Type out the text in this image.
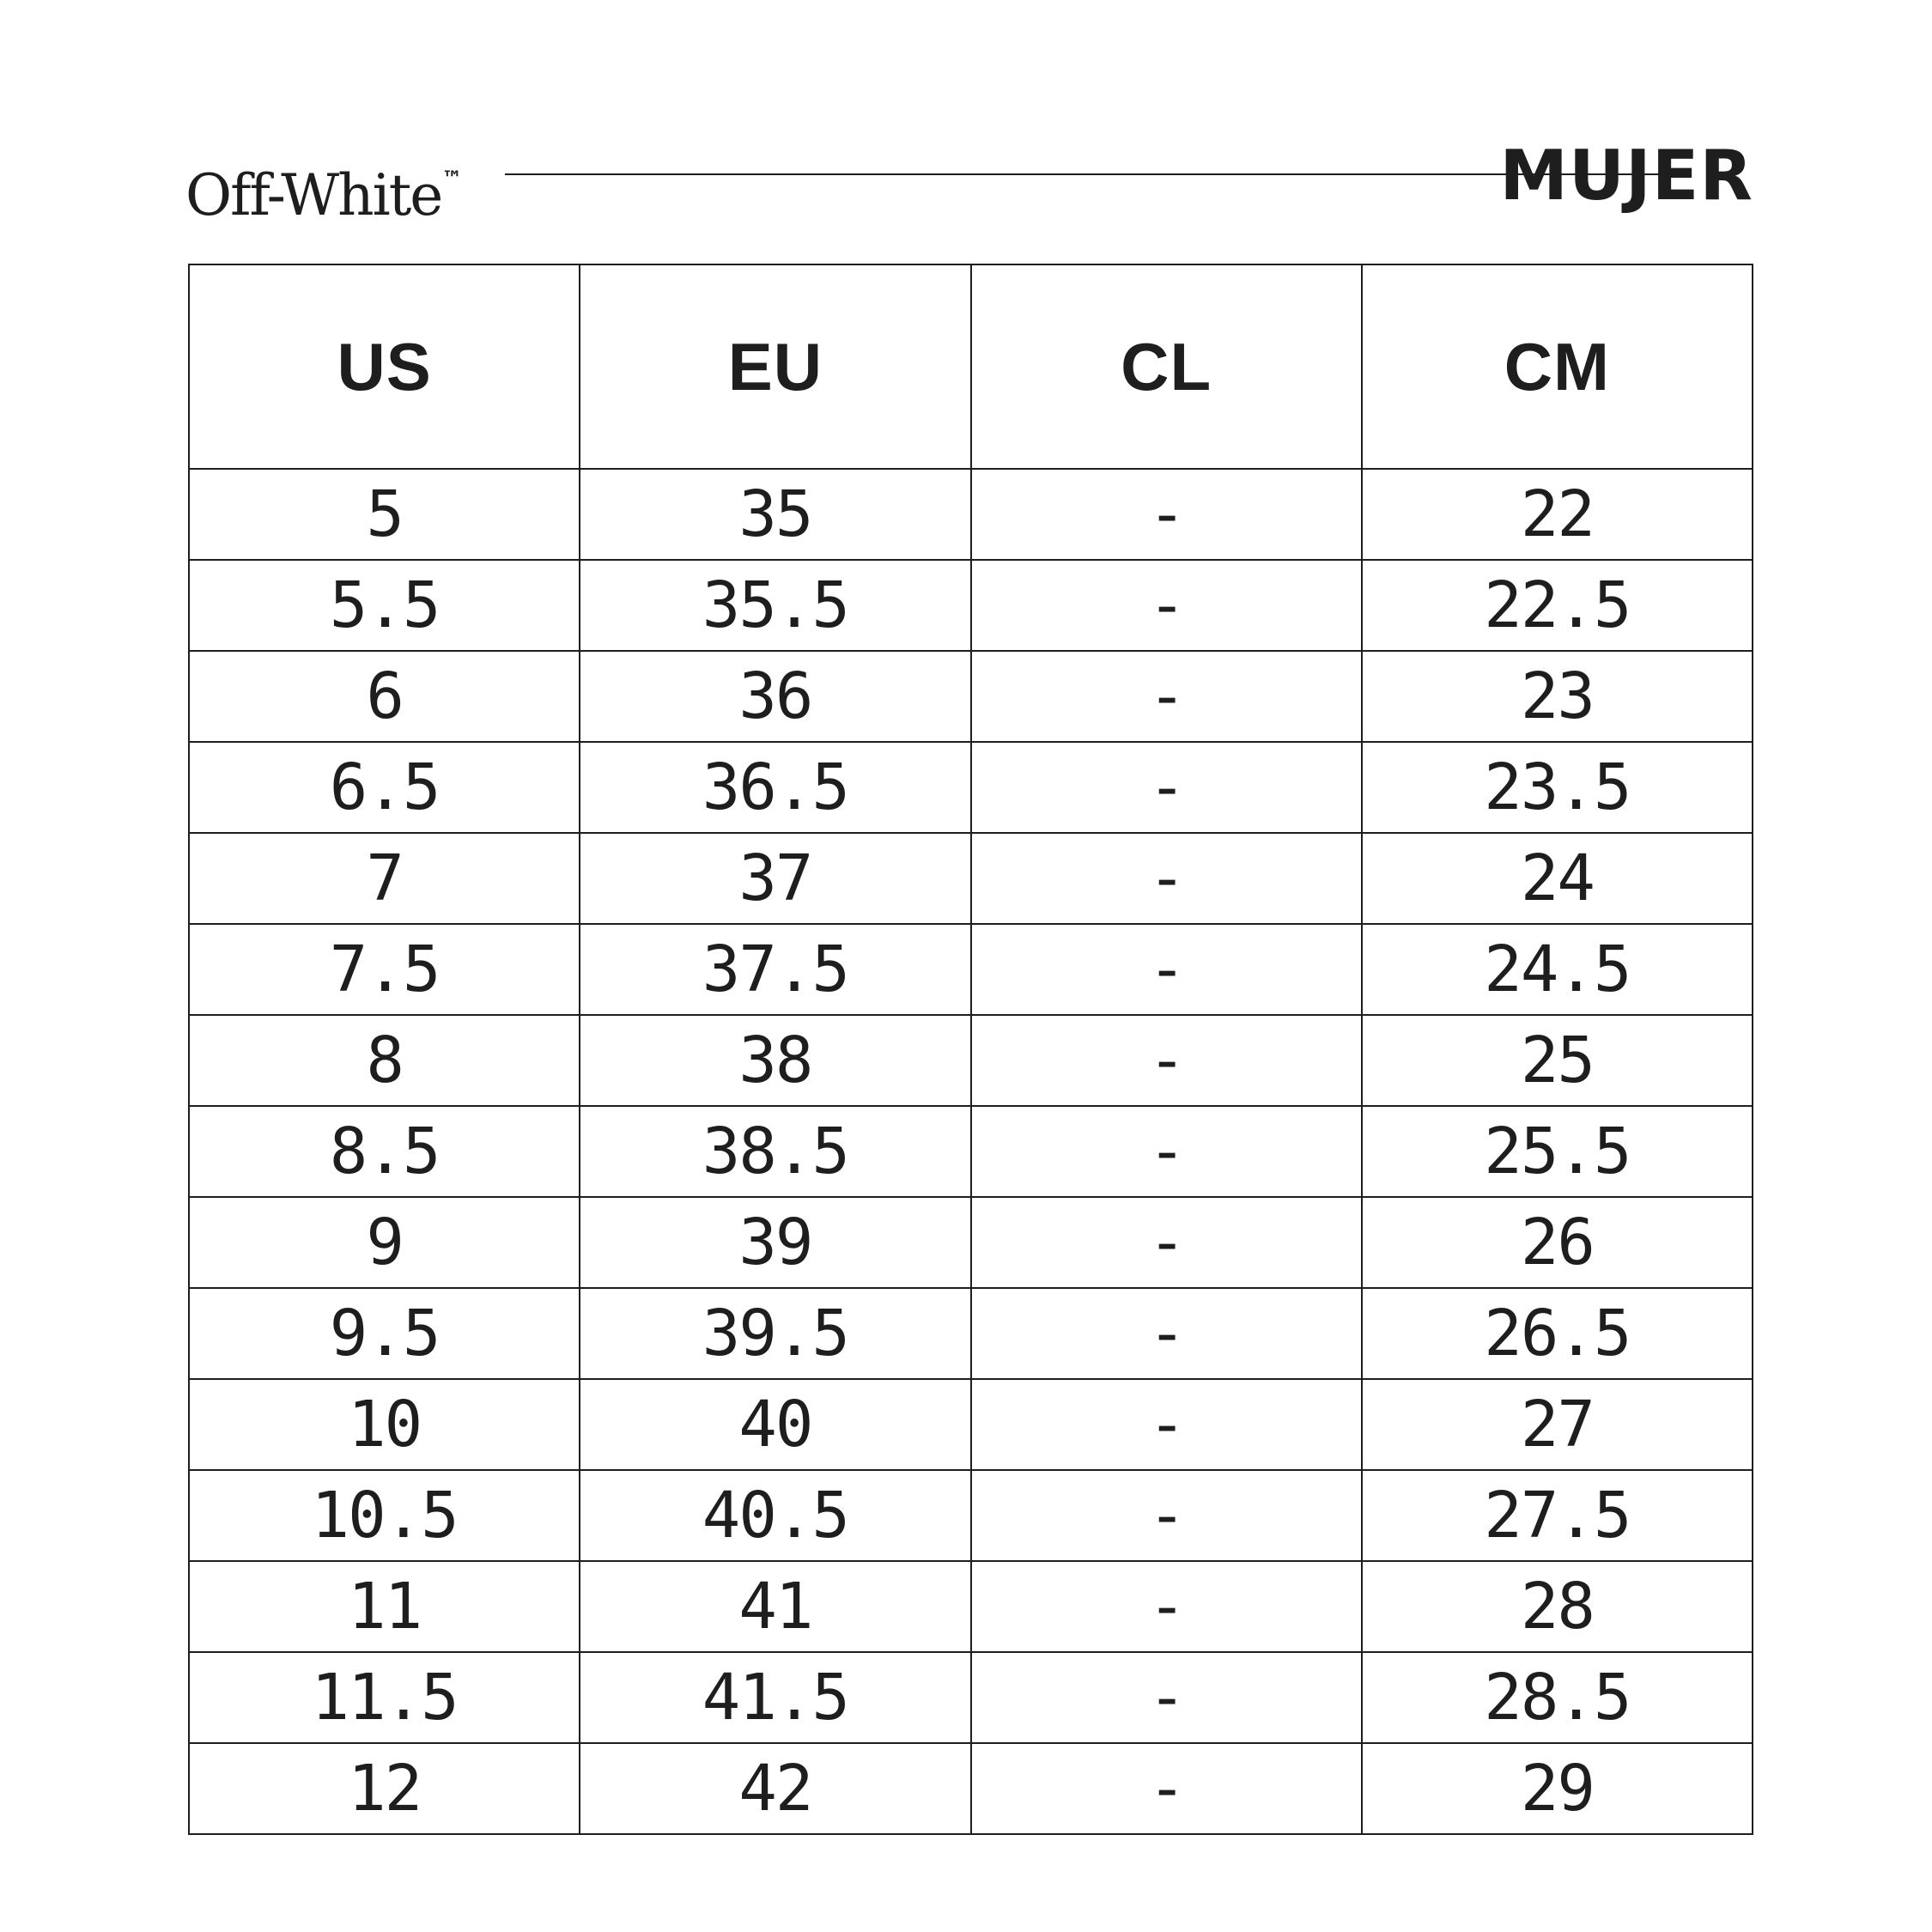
Off-White™	MUJER
US	EU	CL	CM
5	35	-	22
5.5	35.5	-	22.5
6	36	-	23
6.5	36.5	-	23.5
7	37	-	24
7.5	37.5	-	24.5
8	38	-	25
8.5	38.5	-	25.5
9	39	-	26
9.5	39.5	-	26.5
10	40	-	27
10.5	40.5	-	27.5
11	41	-	28
11.5	41.5	-	28.5
12	42	-	29
